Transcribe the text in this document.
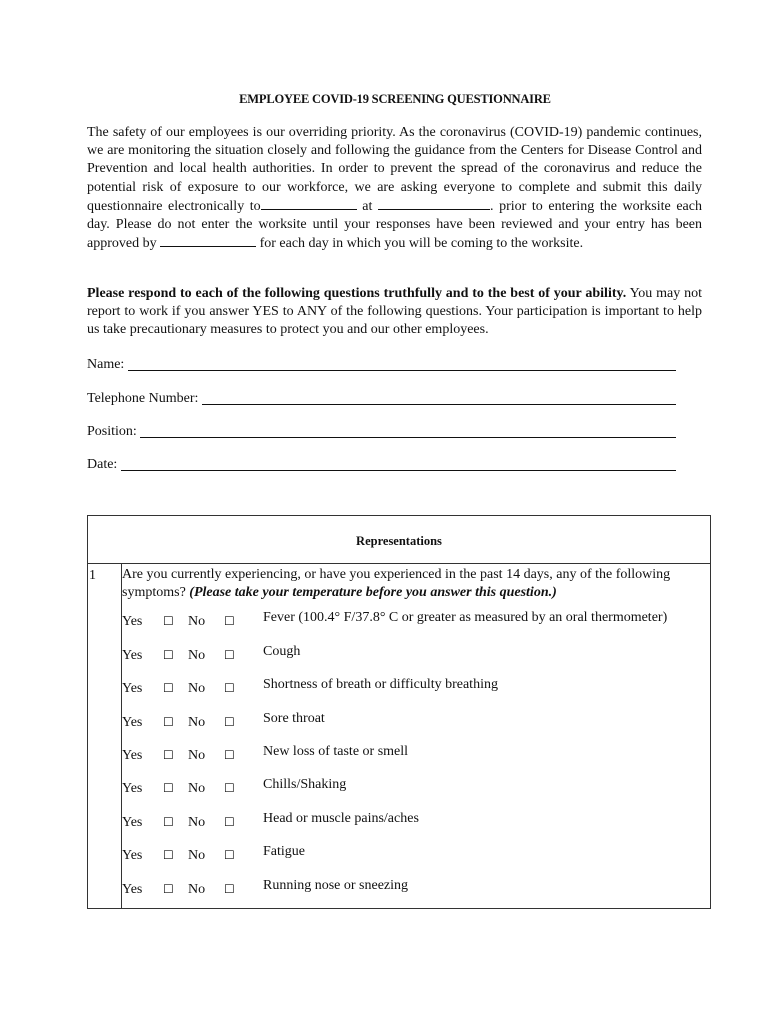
EMPLOYEE COVID-19 SCREENING QUESTIONNAIRE
The safety of our employees is our overriding priority. As the coronavirus (COVID-19) pandemic continues, we are monitoring the situation closely and following the guidance from the Centers for Disease Control and Prevention and local health authorities. In order to prevent the spread of the coronavirus and reduce the potential risk of exposure to our workforce, we are asking everyone to complete and submit this daily questionnaire electronically to	at	. prior to entering the worksite each day. Please do not enter the worksite until your responses have been reviewed and your entry has been approved by	for each day in which you will be coming to the worksite.
Please respond to each of the following questions truthfully and to the best of your ability. You may not report to work if you answer YES to ANY of the following questions. Your participation is important to help us take precautionary measures to protect you and our other employees.
Name:
Telephone Number:
Position:
Date:
Representations
1 Are you currently experiencing, or have you experienced in the past 14 days, any of the following symptoms? (Please take your temperature before you answer this question.)
Yes ☐ No ☐ Fever (100.4° F/37.8° C or greater as measured by an oral thermometer)
Yes ☐ No ☐ Cough
Yes ☐ No ☐ Shortness of breath or difficulty breathing
Yes ☐ No ☐ Sore throat
Yes ☐ No ☐ New loss of taste or smell
Yes ☐ No ☐ Chills/Shaking
Yes ☐ No ☐ Head or muscle pains/aches
Yes ☐ No ☐ Fatigue
Yes ☐ No ☐ Running nose or sneezing
